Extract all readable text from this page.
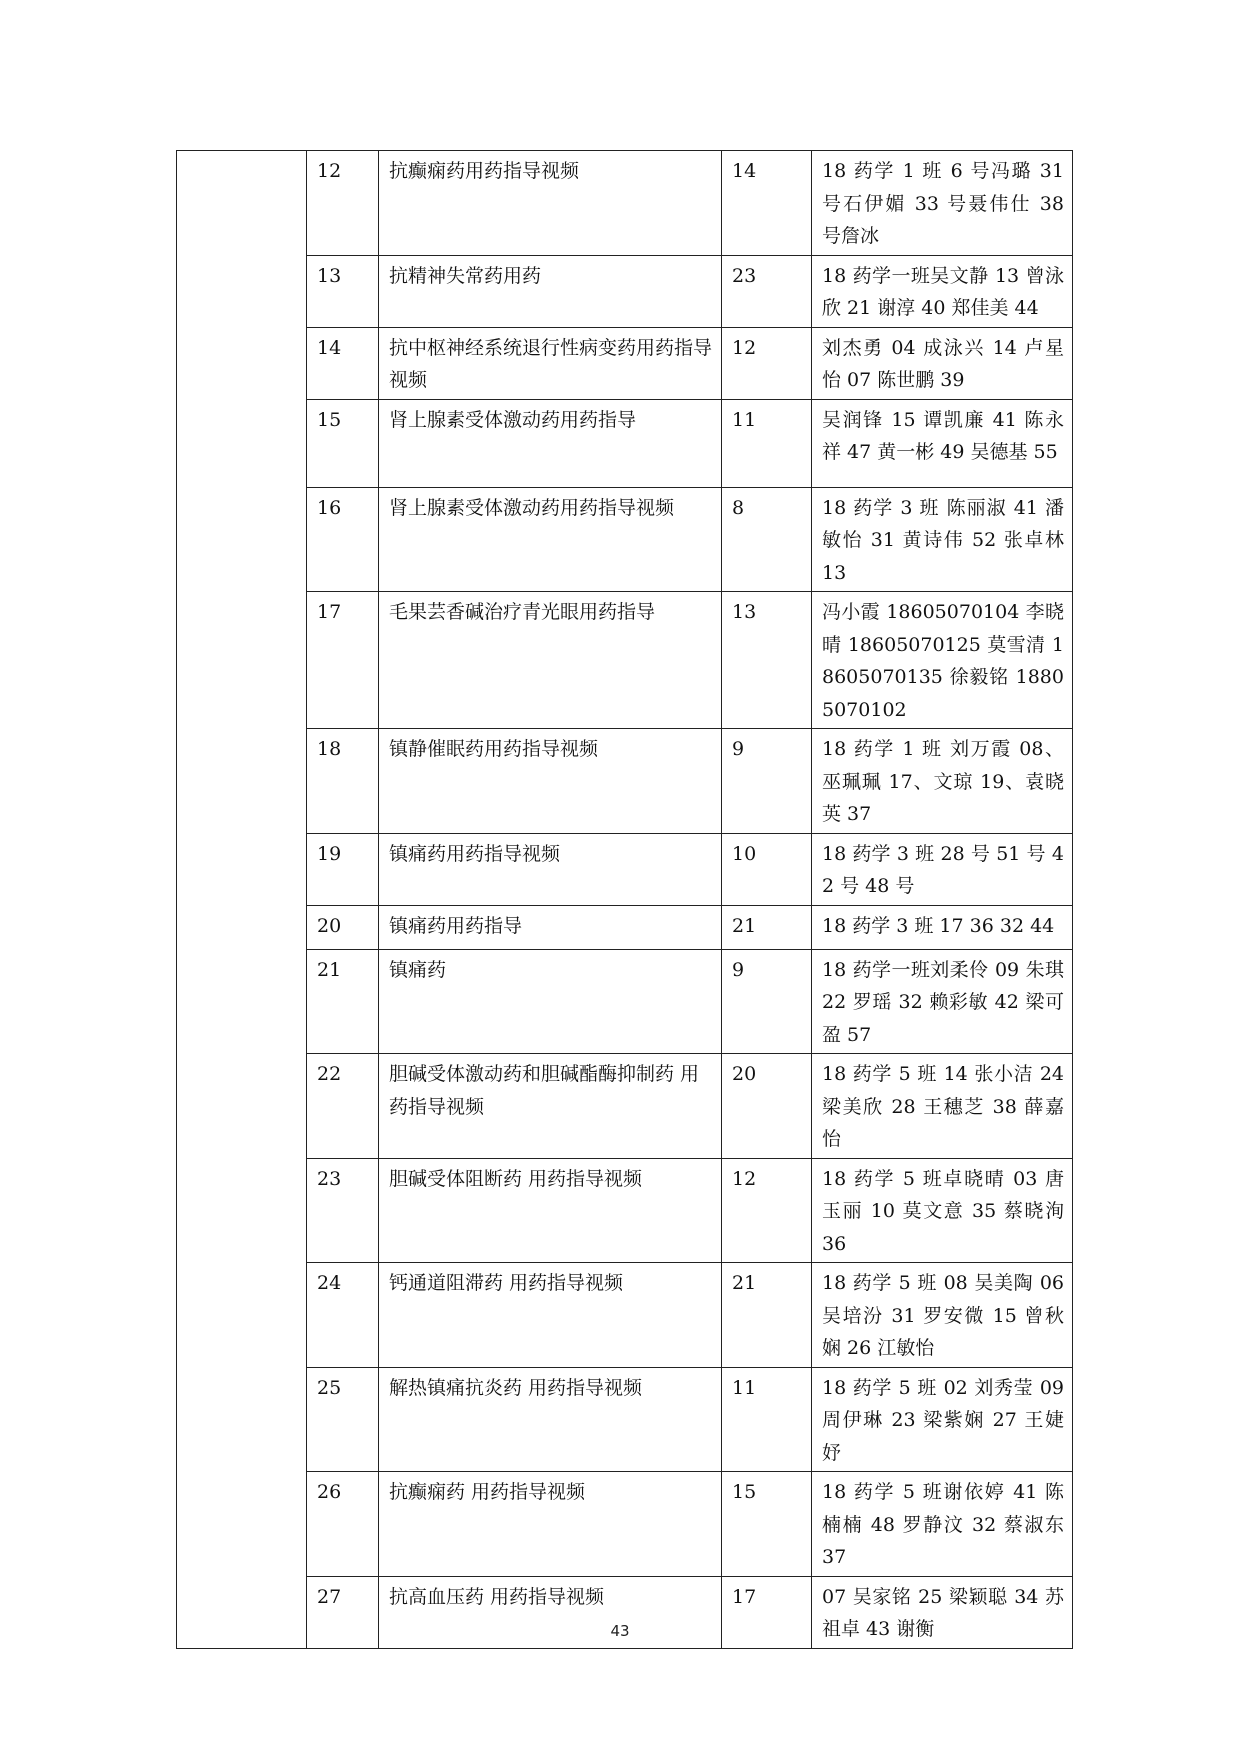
	12	抗癫痫药用药指导视频	14	18 药学 1 班 6 号冯璐 31 号石伊媚 33 号聂伟仕 38 号詹冰
	13	抗精神失常药用药	23	18 药学一班吴文静 13 曾泳欣 21 谢淳 40 郑佳美 44
	14	抗中枢神经系统退行性病变药用药指导视频	12	刘杰勇 04 成泳兴 14 卢星怡 07 陈世鹏 39
	15	肾上腺素受体激动药用药指导	11	吴润锋 15 谭凯廉 41 陈永祥 47 黄一彬 49 吴德基 55
	16	肾上腺素受体激动药用药指导视频	8	18 药学 3 班 陈丽淑 41 潘敏怡 31 黄诗伟 52 张卓林 13
	17	毛果芸香碱治疗青光眼用药指导	13	冯小霞 18605070104 李晓晴 18605070125 莫雪清 18605070135 徐毅铭 18805070102
	18	镇静催眠药用药指导视频	9	18 药学 1 班 刘万霞 08、巫珮珮 17、文琼 19、袁晓英 37
	19	镇痛药用药指导视频	10	18 药学 3 班 28 号 51 号 42 号 48 号
	20	镇痛药用药指导	21	18 药学 3 班 17 36 32 44
	21	镇痛药	9	18 药学一班刘柔伶 09 朱琪 22 罗瑶 32 赖彩敏 42 梁可盈 57
	22	胆碱受体激动药和胆碱酯酶抑制药 用药指导视频	20	18 药学 5 班 14 张小洁 24 梁美欣 28 王穗芝 38 薛嘉怡
	23	胆碱受体阻断药 用药指导视频	12	18 药学 5 班卓晓晴 03 唐玉丽 10 莫文意 35 蔡晓洵 36
	24	钙通道阻滞药 用药指导视频	21	18 药学 5 班 08 吴美陶 06 吴培汾 31 罗安微 15 曾秋娴 26 江敏怡
	25	解热镇痛抗炎药 用药指导视频	11	18 药学 5 班 02 刘秀莹 09 周伊琳 23 梁紫娴 27 王婕妤
	26	抗癫痫药 用药指导视频	15	18 药学 5 班谢依婷 41 陈楠楠 48 罗静汶 32 蔡淑东 37
	27	抗高血压药 用药指导视频	17	07 吴家铭 25 梁颖聪 34 苏祖卓 43 谢衡
43
